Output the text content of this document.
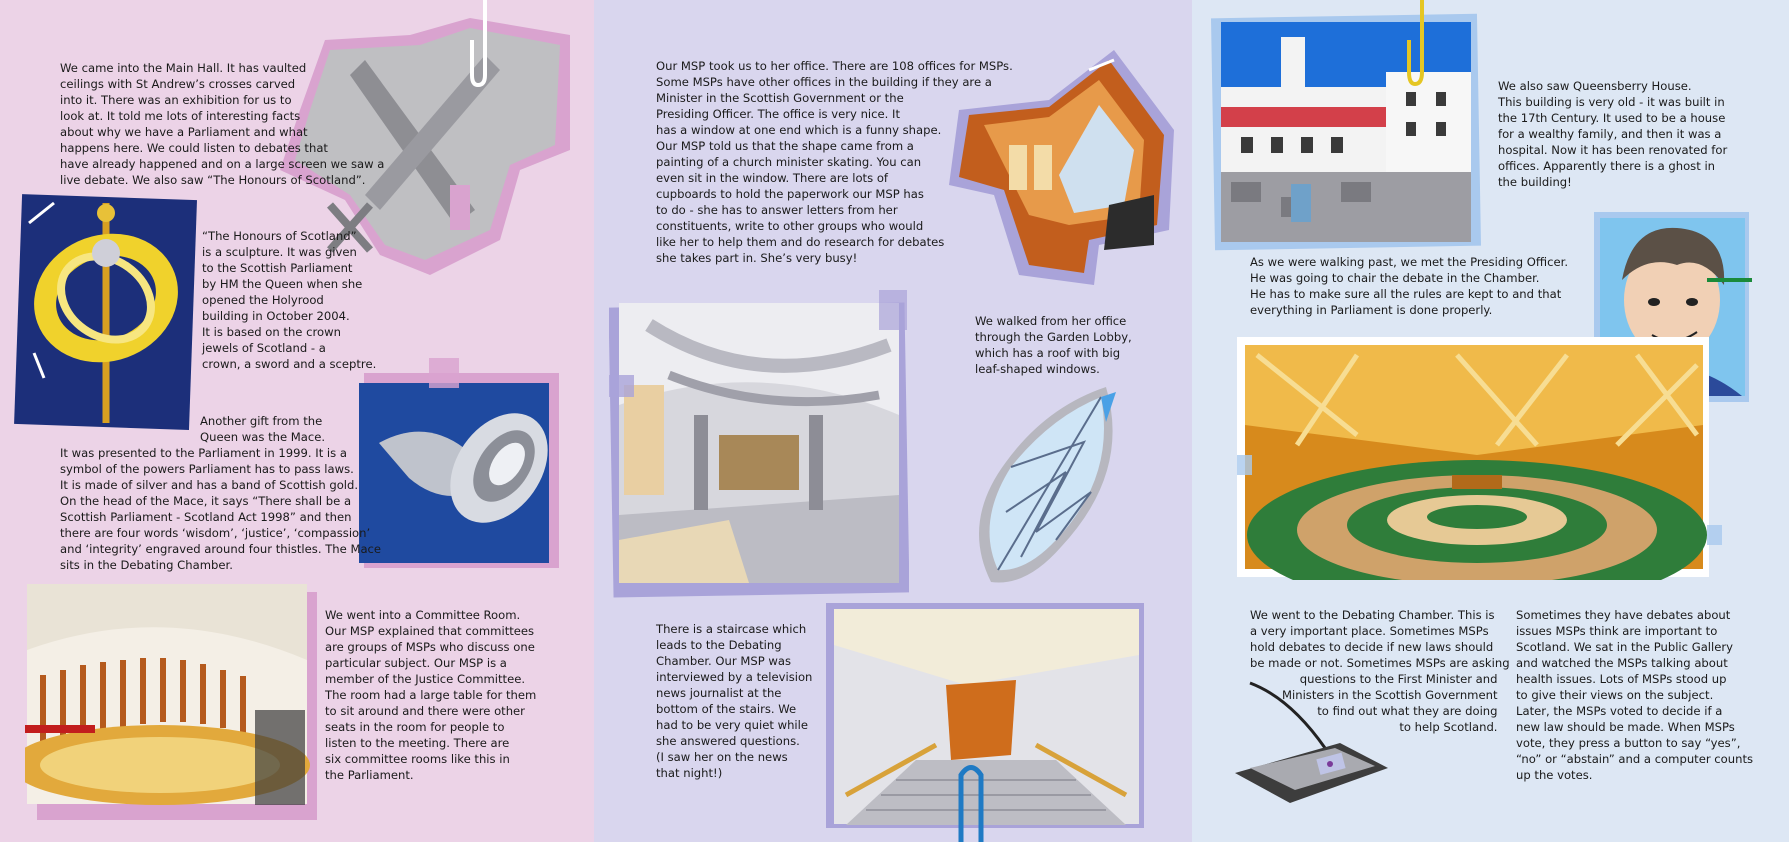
We came into the Main Hall. It has vaulted
ceilings with St Andrew’s crosses carved
into it. There was an exhibition for us to
look at. It told me lots of interesting facts
about why we have a Parliament and what
happens here. We could listen to debates that
have already happened and on a large screen we saw a
live debate. We also saw “The Honours of Scotland”.

“The Honours of Scotland”
is a sculpture. It was given
to the Scottish Parliament
by HM the Queen when she
opened the Holyrood
building in October 2004.
It is based on the crown
jewels of Scotland - a
crown, a sword and a sceptre.

Another gift from the
Queen was the Mace.

It was presented to the Parliament in 1999. It is a
symbol of the powers Parliament has to pass laws.
It is made of silver and has a band of Scottish gold.
On the head of the Mace, it says “There shall be a
Scottish Parliament - Scotland Act 1998” and then
there are four words ‘wisdom’, ‘justice’, ‘compassion’
and ‘integrity’ engraved around four thistles. The Mace
sits in the Debating Chamber.

We went into a Committee Room.
Our MSP explained that committees
are groups of MSPs who discuss one
particular subject. Our MSP is a
member of the Justice Committee.
The room had a large table for them
to sit around and there were other
seats in the room for people to
listen to the meeting. There are
six committee rooms like this in
the Parliament.

Our MSP took us to her office. There are 108 offices for MSPs.
Some MSPs have other offices in the building if they are a
Minister in the Scottish Government or the
Presiding Officer. The office is very nice. It
has a window at one end which is a funny shape.
Our MSP told us that the shape came from a
painting of a church minister skating. You can
even sit in the window. There are lots of
cupboards to hold the paperwork our MSP has
to do - she has to answer letters from her
constituents, write to other groups who would
like her to help them and do research for debates
she takes part in. She’s very busy!

We walked from her office
through the Garden Lobby,
which has a roof with big
leaf-shaped windows.

There is a staircase which
leads to the Debating
Chamber. Our MSP was
interviewed by a television
news journalist at the
bottom of the stairs. We
had to be very quiet while
she answered questions.
(I saw her on the news
that night!)

We also saw Queensberry House.
This building is very old - it was built in
the 17th Century. It used to be a house
for a wealthy family, and then it was a
hospital. Now it has been renovated for
offices. Apparently there is a ghost in
the building!

As we were walking past, we met the Presiding Officer.
He was going to chair the debate in the Chamber.
He has to make sure all the rules are kept to and that
everything in Parliament is done properly.

We went to the Debating Chamber. This is
a very important place. Sometimes MSPs
hold debates to decide if new laws should
be made or not. Sometimes MSPs are asking

questions to the First Minister and
Ministers in the Scottish Government
to find out what they are doing
to help Scotland.

Sometimes they have debates about
issues MSPs think are important to
Scotland. We sat in the Public Gallery
and watched the MSPs talking about
health issues. Lots of MSPs stood up
to give their views on the subject.
Later, the MSPs voted to decide if a
new law should be made. When MSPs
vote, they press a button to say “yes”,
“no” or “abstain” and a computer counts
up the votes.
